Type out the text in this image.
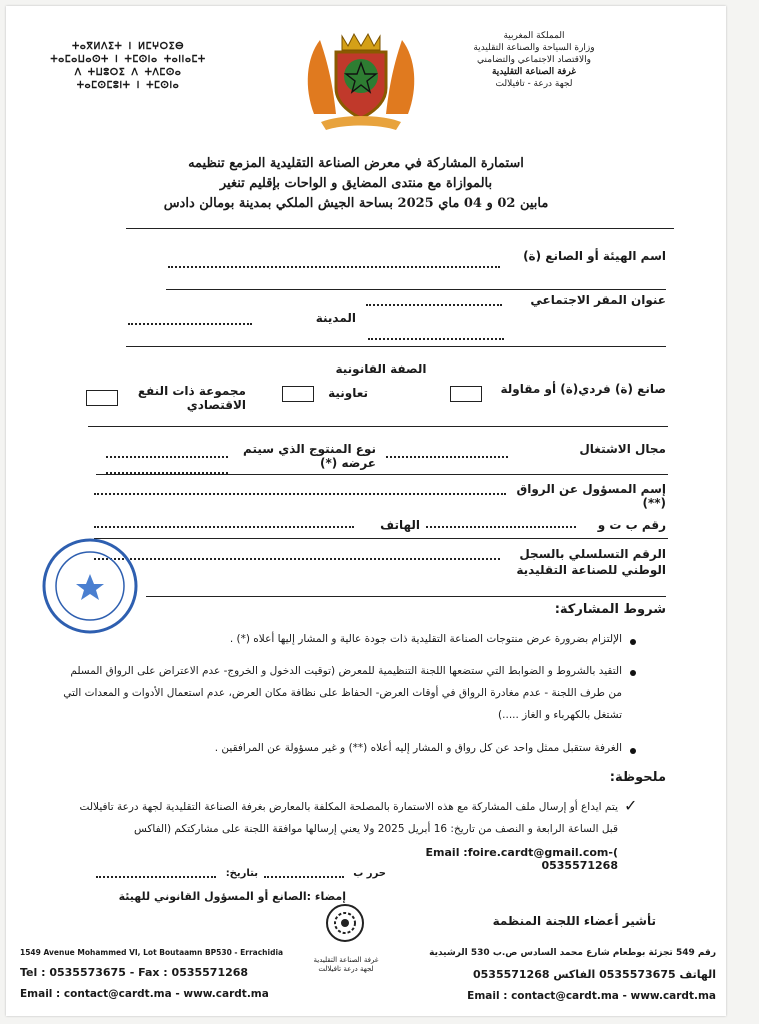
ⵜⴰⴳⵍⴷⵉⵜ ⵏ ⵍⵎⵖⵔⵉⴱ
ⵜⴰⵎⴰⵡⴰⵙⵜ ⵏ ⵜⵎⵙⵏⴰ ⵜⴰⵏⵏⴰⵎⵜ
ⴷ ⵜⵡⵓⵔⵉ ⴷ ⵜⴷⵎⵙⴰ
ⵜⴰⵎⵙⵎⵓⵏⵜ ⵏ ⵜⵎⵙⵏⴰ
المملكة المغربية
وزارة السياحة والصناعة التقليدية
والاقتصاد الاجتماعي والتضامني
غرفة الصناعة التقليدية
لجهة درعة - تافيلالت
استمارة المشاركة في معرض الصناعة التقليدية المزمع تنظيمه
بالموازاة مع منتدى المضايق و الواحات بإقليم تنغير
مابين 02 و 04 ماي 2025 بساحة الجيش الملكي بمدينة بومالن دادس
اسم الهيئة أو الصانع (ة)
عنوان المقر الاجتماعي
المدينة
الصفة القانونية
صانع (ة) فردي(ة) أو مقاولة
تعاونية
مجموعة ذات النفع الاقتصادي
مجال الاشتغال
نوع المنتوج الذي سيتم عرضه (*)
إسم المسؤول عن الرواق (**)
رقم ب ت و
الهاتف
الرقم التسلسلي بالسجل الوطني للصناعة التقليدية
شروط المشاركة:
الإلتزام بضرورة عرض منتوجات الصناعة التقليدية ذات جودة عالية و المشار إليها أعلاه (*) .
التقيد بالشروط و الضوابط التي ستضعها اللجنة التنظيمية للمعرض (توقيت الدخول و الخروج- عدم الاعتراض على الرواق المسلم من طرف اللجنة - عدم مغادرة الرواق في أوقات العرض- الحفاظ على نظافة مكان العرض، عدم استعمال الأدوات و المعدات التي تشتغل بالكهرباء و الغاز .....)
الغرفة ستقبل ممثل واحد عن كل رواق و المشار إليه أعلاه (**) و غير مسؤولة عن المرافقين .
ملحوظة:
✓
يتم ايداع أو إرسال ملف المشاركة مع هذه الاستمارة بالمصلحة المكلفة بالمعارض بغرفة الصناعة التقليدية لجهة درعة تافيلالت قبل الساعة الرابعة و النصف من تاريخ: 16 أبريل 2025 ولا يعني إرسالها موافقة اللجنة على مشاركتكم (الفاكس
Email :foire.cardt@gmail.com-( 0535571268
بتاريخ:	حرر ب
إمضاء :الصانع أو المسؤول القانوني للهيئة
تأشير أعضاء اللجنة المنظمة
غرفة الصناعة التقليدية
لجهة درعة تافيلالت
1549 Avenue Mohammed VI, Lot Boutaamn BP530 - Errachidia
Tel : 0535573675 - Fax : 0535571268
Email : contact@cardt.ma - www.cardt.ma
رقم 549 تجزئة بوطعام شارع محمد السادس ص.ب 530 الرشيدية
الهاتف 0535573675 الفاكس 0535571268
Email : contact@cardt.ma - www.cardt.ma
